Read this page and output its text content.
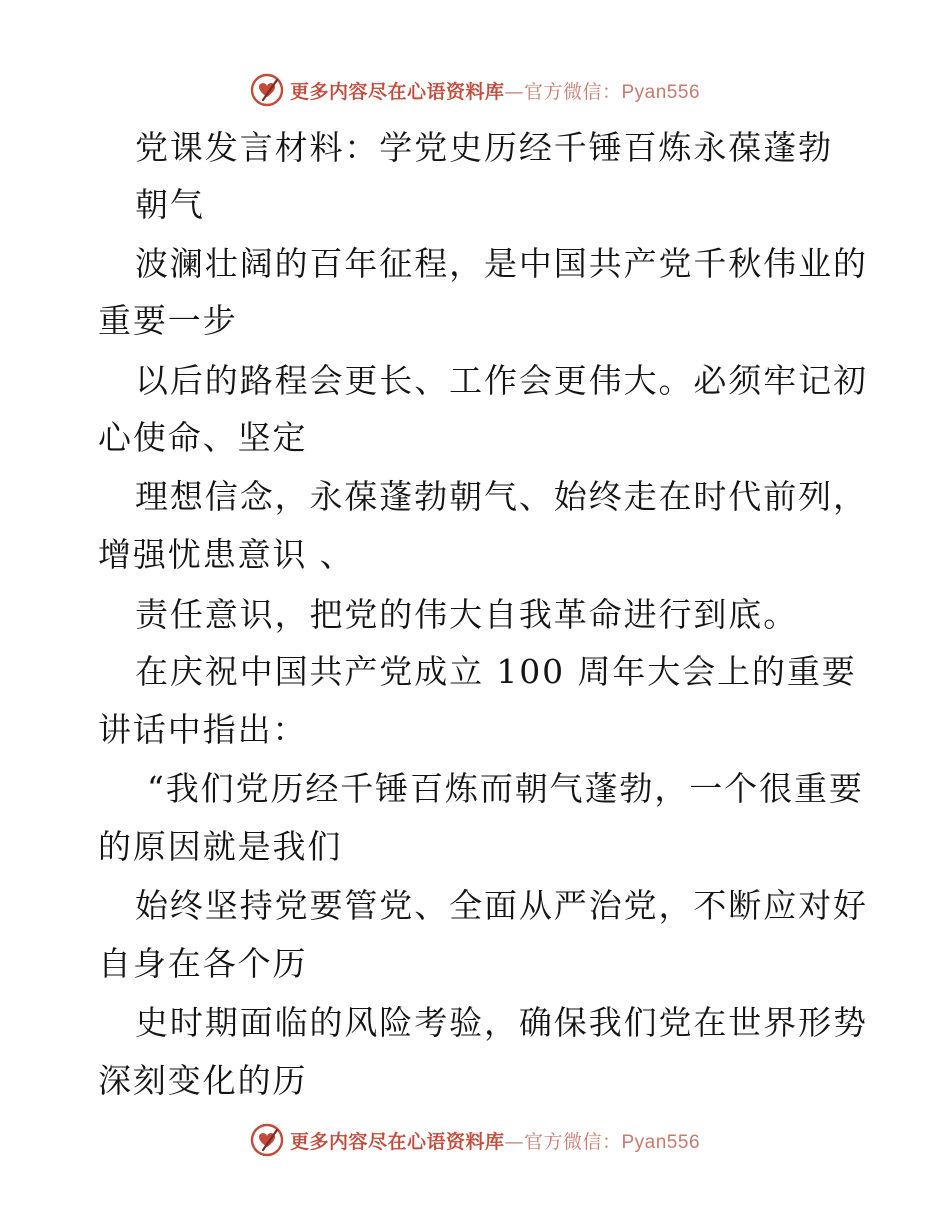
更多内容尽在心语资料库—官方微信：Pyan556
党课发言材料：学党史历经千锤百炼永葆蓬勃
朝气
波澜壮阔的百年征程，是中国共产党千秋伟业的
重要一步
以后的路程会更长、工作会更伟大。必须牢记初
心使命、坚定
理想信念，永葆蓬勃朝气、始终走在时代前列，
增强忧患意识 、
责任意识，把党的伟大自我革命进行到底。
在庆祝中国共产党成立 100 周年大会上的重要
讲话中指出：
“我们党历经千锤百炼而朝气蓬勃，一个很重要
的原因就是我们
始终坚持党要管党、全面从严治党，不断应对好
自身在各个历
史时期面临的风险考验，确保我们党在世界形势
深刻变化的历
更多内容尽在心语资料库—官方微信：Pyan556
